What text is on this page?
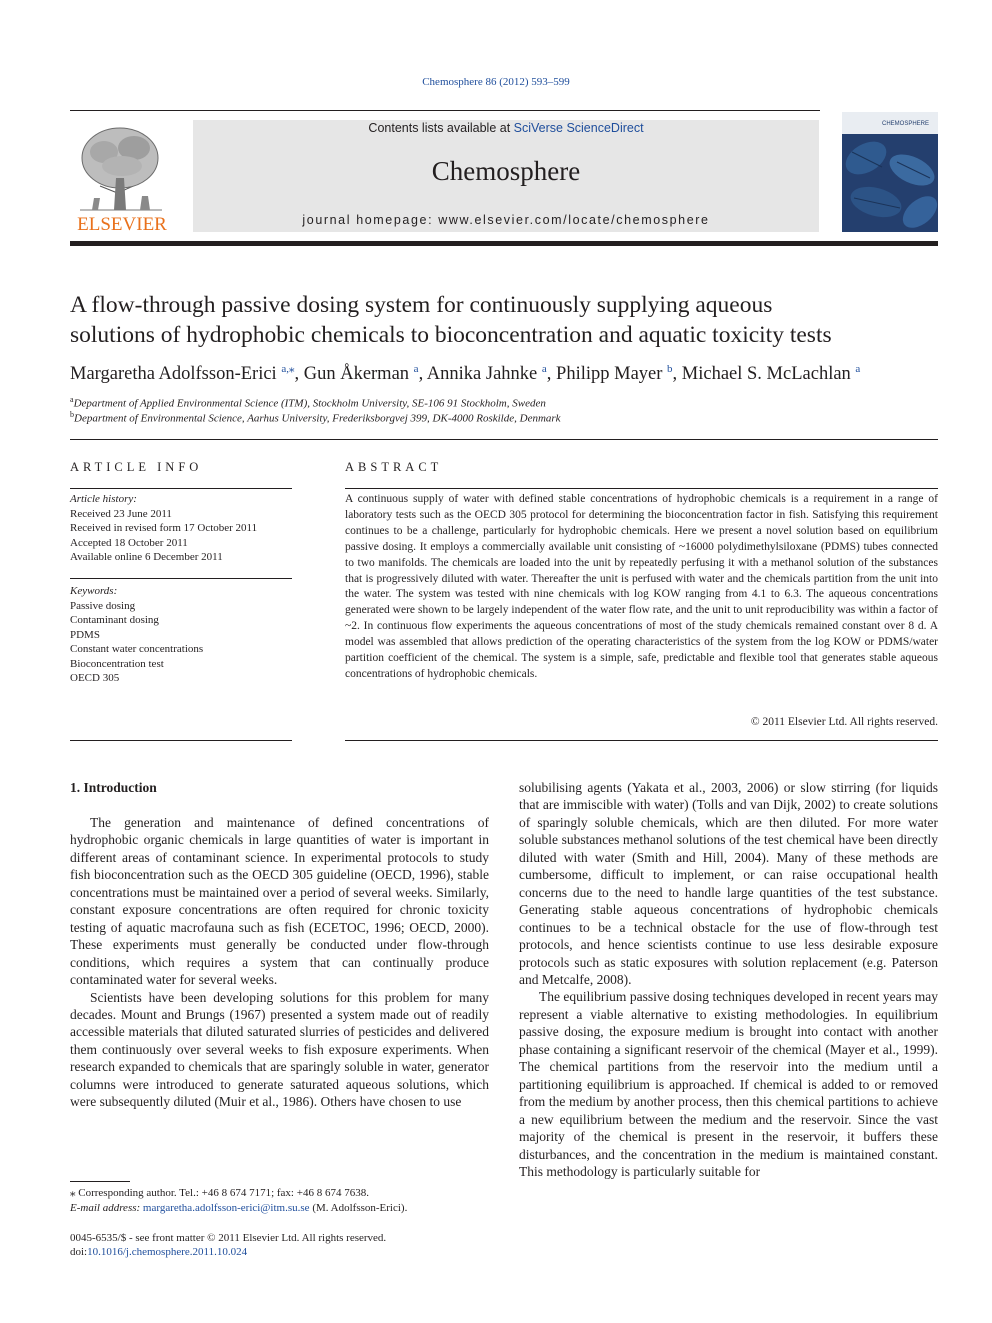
Chemosphere 86 (2012) 593–599
ELSEVIER
Contents lists available at SciVerse ScienceDirect
Chemosphere
journal homepage: www.elsevier.com/locate/chemosphere
CHEMOSPHERE
A flow-through passive dosing system for continuously supplying aqueous
solutions of hydrophobic chemicals to bioconcentration and aquatic toxicity tests
Margaretha Adolfsson-Erici $^{a,⁎}$, Gun Åkerman $^a$, Annika Jahnke $^a$, Philipp Mayer $^b$, Michael S. McLachlan $^a$
$^a$Department of Applied Environmental Science (ITM), Stockholm University, SE-106 91 Stockholm, Sweden
$^b$Department of Environmental Science, Aarhus University, Frederiksborgvej 399, DK-4000 Roskilde, Denmark
ARTICLE INFO	ABSTRACT
Article history:
Received 23 June 2011
Received in revised form 17 October 2011
Accepted 18 October 2011
Available online 6 December 2011
Keywords:
Passive dosing
Contaminant dosing
PDMS
Constant water concentrations
Bioconcentration test
OECD 305
A continuous supply of water with defined stable concentrations of hydrophobic chemicals is a requirement in a range of laboratory tests such as the OECD 305 protocol for determining the bioconcentration factor in fish. Satisfying this requirement continues to be a challenge, particularly for hydrophobic chemicals. Here we present a novel solution based on equilibrium passive dosing. It employs a commercially available unit consisting of ~16000 polydimethylsiloxane (PDMS) tubes connected to two manifolds. The chemicals are loaded into the unit by repeatedly perfusing it with a methanol solution of the substances that is progressively diluted with water. Thereafter the unit is perfused with water and the chemicals partition from the unit into the water. The system was tested with nine chemicals with log KOW ranging from 4.1 to 6.3. The aqueous concentrations generated were shown to be largely independent of the water flow rate, and the unit to unit reproducibility was within a factor of ~2. In continuous flow experiments the aqueous concentrations of most of the study chemicals remained constant over 8 d. A model was assembled that allows prediction of the operating characteristics of the system from the log KOW or PDMS/water partition coefficient of the chemical. The system is a simple, safe, predictable and flexible tool that generates stable aqueous concentrations of hydrophobic chemicals.
© 2011 Elsevier Ltd. All rights reserved.
1. Introduction

The generation and maintenance of defined concentrations of hydrophobic organic chemicals in large quantities of water is important in different areas of contaminant science. In experimental protocols to study fish bioconcentration such as the OECD 305 guideline (OECD, 1996), stable concentrations must be maintained over a period of several weeks. Similarly, constant exposure concentrations are often required for chronic toxicity testing of aquatic macrofauna such as fish (ECETOC, 1996; OECD, 2000). These experiments must generally be conducted under flow-through conditions, which requires a system that can continually produce contaminated water for several weeks.

Scientists have been developing solutions for this problem for many decades. Mount and Brungs (1967) presented a system made out of readily accessible materials that diluted saturated slurries of pesticides and delivered them continuously over several weeks to fish exposure experiments. When research expanded to chemicals that are sparingly soluble in water, generator columns were introduced to generate saturated aqueous solutions, which were subsequently diluted (Muir et al., 1986). Others have chosen to use

solubilising agents (Yakata et al., 2003, 2006) or slow stirring (for liquids that are immiscible with water) (Tolls and van Dijk, 2002) to create solutions of sparingly soluble chemicals, which are then diluted. For more water soluble substances methanol solutions of the test chemical have been directly diluted with water (Smith and Hill, 2004). Many of these methods are cumbersome, difficult to implement, or can raise occupational health concerns due to the need to handle large quantities of the test substance. Generating stable aqueous concentrations of hydrophobic chemicals continues to be a technical obstacle for the use of flow-through test protocols, and hence scientists continue to use less desirable exposure protocols such as static exposures with solution replacement (e.g. Paterson and Metcalfe, 2008).

The equilibrium passive dosing techniques developed in recent years may represent a viable alternative to existing methodologies. In equilibrium passive dosing, the exposure medium is brought into contact with another phase containing a significant reservoir of the chemical (Mayer et al., 1999). The chemical partitions from the reservoir into the medium until a partitioning equilibrium is approached. If chemical is added to or removed from the medium by another process, then this chemical partitions to achieve a new equilibrium between the medium and the reservoir. Since the vast majority of the chemical is present in the reservoir, it buffers these disturbances, and the concentration in the medium is maintained constant. This methodology is particularly suitable for

⁎ Corresponding author. Tel.: +46 8 674 7171; fax: +46 8 674 7638.
E-mail address: margaretha.adolfsson-erici@itm.su.se (M. Adolfsson-Erici).
0045-6535/$ - see front matter © 2011 Elsevier Ltd. All rights reserved.
doi:10.1016/j.chemosphere.2011.10.024
